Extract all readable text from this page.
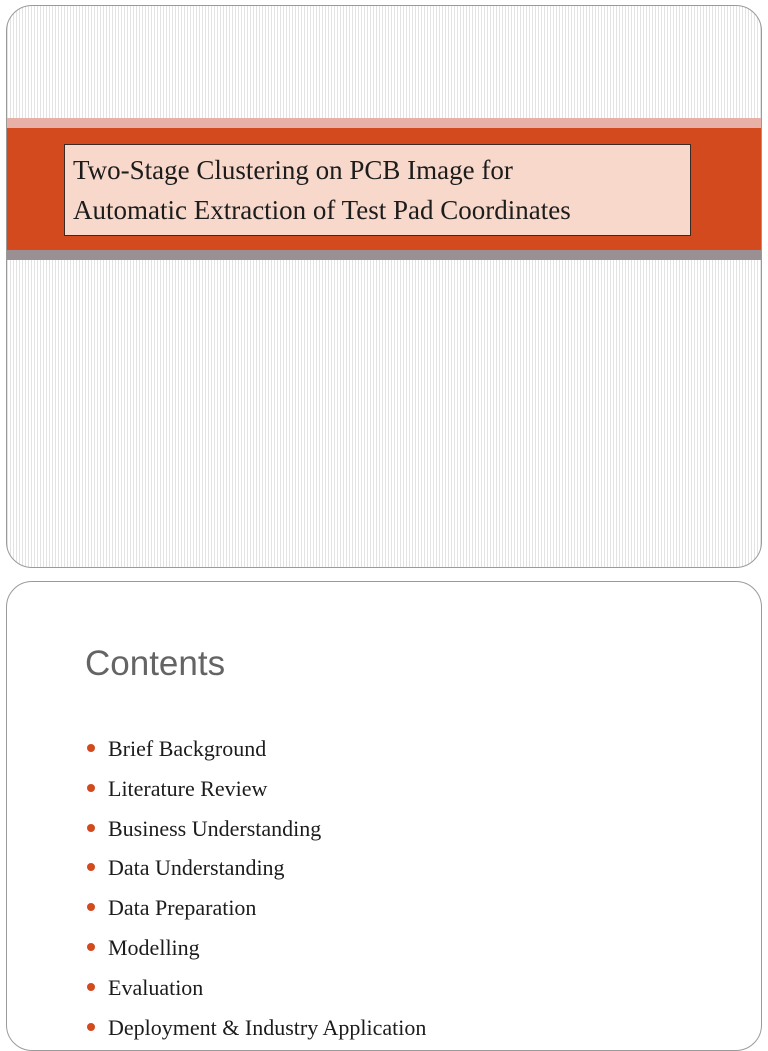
Two-Stage Clustering on PCB Image for
Automatic Extraction of Test Pad Coordinates
Contents
Brief Background
Literature Review
Business Understanding
Data Understanding
Data Preparation
Modelling
Evaluation
Deployment & Industry Application
